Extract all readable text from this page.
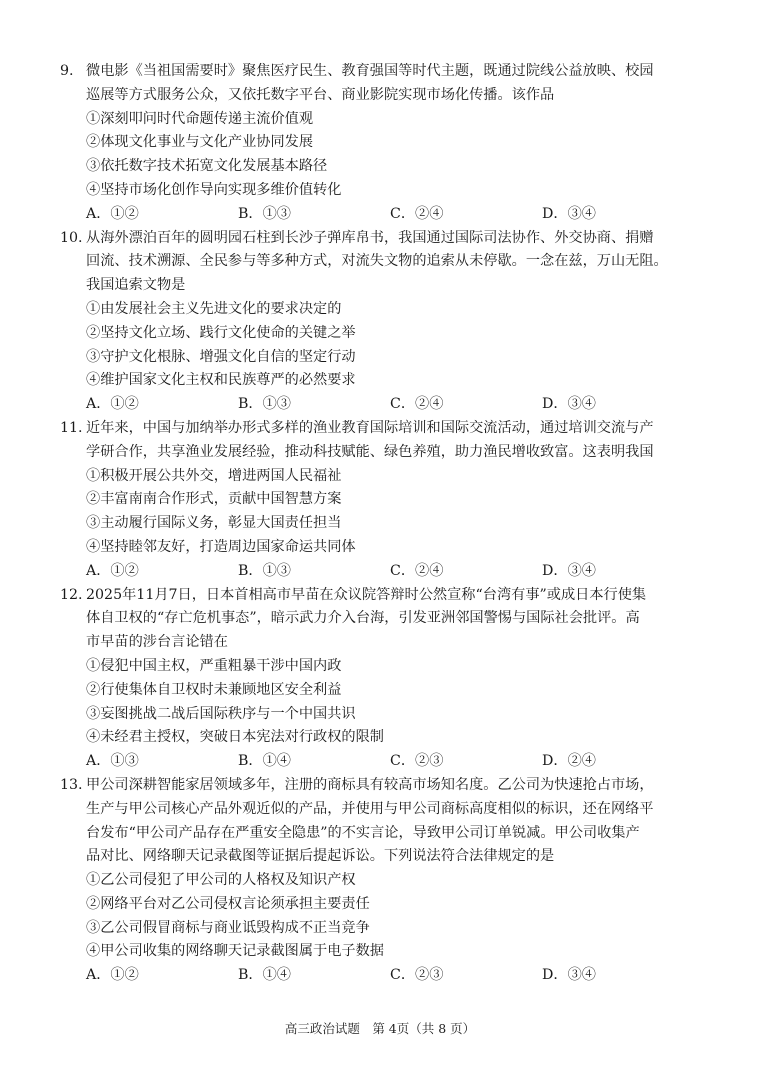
9. 微电影《当祖国需要时》聚焦医疗民生、教育强国等时代主题，既通过院线公益放映、校园
巡展等方式服务公众，又依托数字平台、商业影院实现市场化传播。该作品
①深刻叩问时代命题传递主流价值观
②体现文化事业与文化产业协同发展
③依托数字技术拓宽文化发展基本路径
④坚持市场化创作导向实现多维价值转化
A．①②	B．①③	C．②④	D．③④
10. 从海外漂泊百年的圆明园石柱到长沙子弹库帛书，我国通过国际司法协作、外交协商、捐赠
回流、技术溯源、全民参与等多种方式，对流失文物的追索从未停歇。一念在兹，万山无阻。
我国追索文物是
①由发展社会主义先进文化的要求决定的
②坚持文化立场、践行文化使命的关键之举
③守护文化根脉、增强文化自信的坚定行动
④维护国家文化主权和民族尊严的必然要求
A．①②	B．①③	C．②④	D．③④
11. 近年来，中国与加纳举办形式多样的渔业教育国际培训和国际交流活动，通过培训交流与产
学研合作，共享渔业发展经验，推动科技赋能、绿色养殖，助力渔民增收致富。这表明我国
①积极开展公共外交，增进两国人民福祉
②丰富南南合作形式，贡献中国智慧方案
③主动履行国际义务，彰显大国责任担当
④坚持睦邻友好，打造周边国家命运共同体
A．①②	B．①③	C．②④	D．③④
12. 2025年11月7日，日本首相高市早苗在众议院答辩时公然宣称“台湾有事”或成日本行使集
体自卫权的“存亡危机事态”，暗示武力介入台海，引发亚洲邻国警惕与国际社会批评。高
市早苗的涉台言论错在
①侵犯中国主权，严重粗暴干涉中国内政
②行使集体自卫权时未兼顾地区安全利益
③妄图挑战二战后国际秩序与一个中国共识
④未经君主授权，突破日本宪法对行政权的限制
A．①③	B．①④	C．②③	D．②④
13. 甲公司深耕智能家居领域多年，注册的商标具有较高市场知名度。乙公司为快速抢占市场，
生产与甲公司核心产品外观近似的产品，并使用与甲公司商标高度相似的标识，还在网络平
台发布“甲公司产品存在严重安全隐患”的不实言论，导致甲公司订单锐减。甲公司收集产
品对比、网络聊天记录截图等证据后提起诉讼。下列说法符合法律规定的是
①乙公司侵犯了甲公司的人格权及知识产权
②网络平台对乙公司侵权言论须承担主要责任
③乙公司假冒商标与商业诋毁构成不正当竞争
④甲公司收集的网络聊天记录截图属于电子数据
A．①②	B．①④	C．②③	D．③④
高三政治试题　第 4页（共 8 页）
